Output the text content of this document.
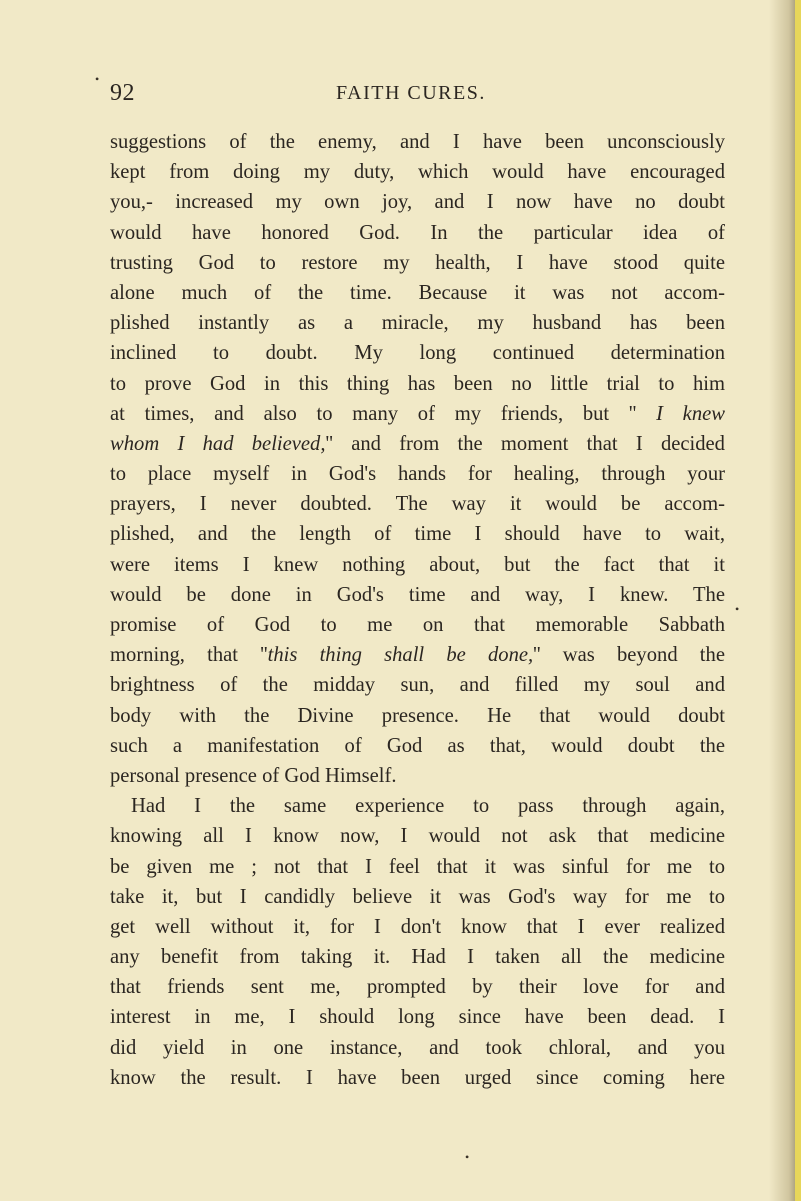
92	FAITH CURES.
suggestions of the enemy, and I have been unconsciously
kept from doing my duty, which would have encouraged
you,- increased my own joy, and I now have no doubt
would have honored God. In the particular idea of
trusting God to restore my health, I have stood quite
alone much of the time. Because it was not accom-
plished instantly as a miracle, my husband has been
inclined to doubt. My long continued determination
to prove God in this thing has been no little trial to him
at times, and also to many of my friends, but '' I knew
whom I had believed,'' and from the moment that I decided
to place myself in God's hands for healing, through your
prayers, I never doubted. The way it would be accom-
plished, and the length of time I should have to wait,
were items I knew nothing about, but the fact that it
would be done in God's time and way, I knew. The
promise of God to me on that memorable Sabbath
morning, that ''this thing shall be done,'' was beyond the
brightness of the midday sun, and filled my soul and
body with the Divine presence. He that would doubt
such a manifestation of God as that, would doubt the
personal presence of God Himself.
Had I the same experience to pass through again,
knowing all I know now, I would not ask that medicine
be given me ; not that I feel that it was sinful for me to
take it, but I candidly believe it was God's way for me to
get well without it, for I don't know that I ever realized
any benefit from taking it. Had I taken all the medicine
that friends sent me, prompted by their love for and
interest in me, I should long since have been dead. I
did yield in one instance, and took chloral, and you
know the result. I have been urged since coming here
•
•
•
